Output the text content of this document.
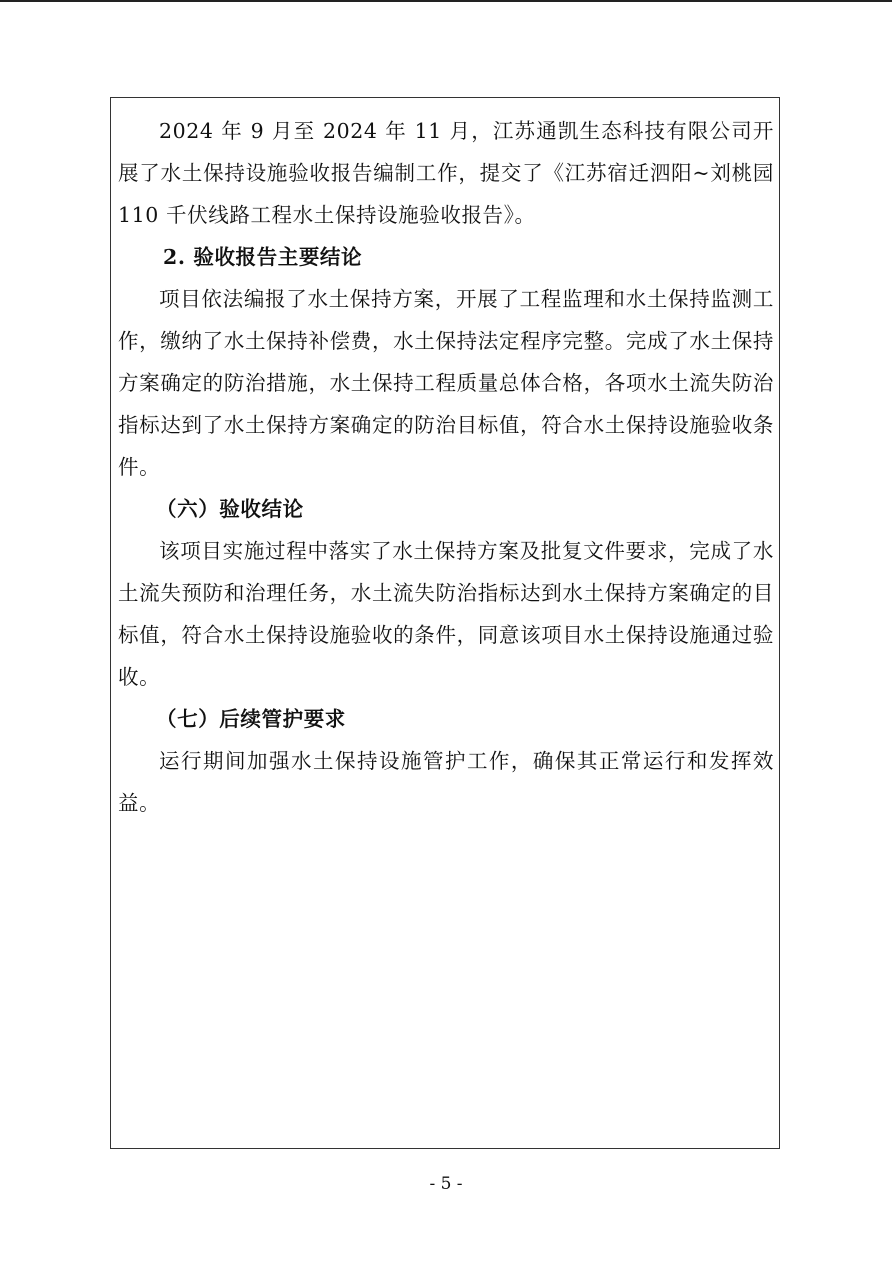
2024 年 9 月至 2024 年 11 月，江苏通凯生态科技有限公司开展了水土保持设施验收报告编制工作，提交了《江苏宿迁泗阳~刘桃园 110 千伏线路工程水土保持设施验收报告》。

2. 验收报告主要结论

项目依法编报了水土保持方案，开展了工程监理和水土保持监测工作，缴纳了水土保持补偿费，水土保持法定程序完整。完成了水土保持方案确定的防治措施，水土保持工程质量总体合格，各项水土流失防治指标达到了水土保持方案确定的防治目标值，符合水土保持设施验收条件。

（六）验收结论

该项目实施过程中落实了水土保持方案及批复文件要求，完成了水土流失预防和治理任务，水土流失防治指标达到水土保持方案确定的目标值，符合水土保持设施验收的条件，同意该项目水土保持设施通过验收。

（七）后续管护要求

运行期间加强水土保持设施管护工作，确保其正常运行和发挥效益。

- 5 -
